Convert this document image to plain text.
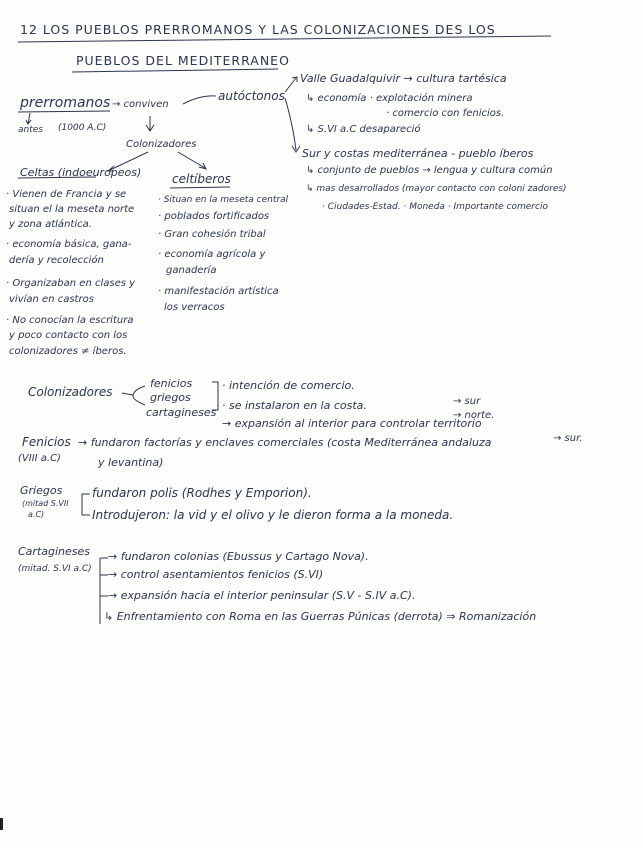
12 LOS PUEBLOS PRERROMANOS Y LAS COLONIZACIONES DES LOS
PUEBLOS DEL MEDITERRANEO
prerromanos → conviven
antes (1000 A.C)
autóctonos
Colonizadores
Valle Guadalquivir → cultura tartésica
↳ economía · explotación minera
· comercio con fenicios.
↳ S.VI a.C desapareció
Sur y costas mediterránea - pueblo íberos
↳ conjunto de pueblos → lengua y cultura común
↳ mas desarrollados (mayor contacto con coloni zadores)
· Ciudades-Estad. · Moneda · Importante comercio
Celtas (indoeuropeos)
· Vienen de Francia y se
situan el la meseta norte
y zona atlántica.
· economía básica, gana-
dería y recolección
· Organizaban en clases y
vivían en castros
· No conocían la escritura
y poco contacto con los
colonizadores ≠ íberos.
celtíberos
· Situan en la meseta central
· poblados fortificados
· Gran cohesión tribal
· economía agrícola y
ganadería
· manifestación artística
los verracos
Colonizadores
fenicios
griegos
cartagineses
· intención de comercio.
· se instalaron en la costa.
→ expansión al interior para controlar territorio
→ sur
→ norte.
→ sur.
Fenicios
(VIII a.C)
→ fundaron factorías y enclaves comerciales (costa Mediterránea andaluza
y levantina)
Griegos
(mitad S.VII
a.C)
fundaron polis (Rodhes y Emporion).
Introdujeron: la vid y el olivo y le dieron forma a la moneda.
Cartagineses
(mitad. S.VI a.C)
→ fundaron colonias (Ebussus y Cartago Nova).
→ control asentamientos fenicios (S.VI)
→ expansión hacia el interior peninsular (S.V - S.IV a.C).
↳ Enfrentamiento con Roma en las Guerras Púnicas (derrota) ⇒ Romanización
